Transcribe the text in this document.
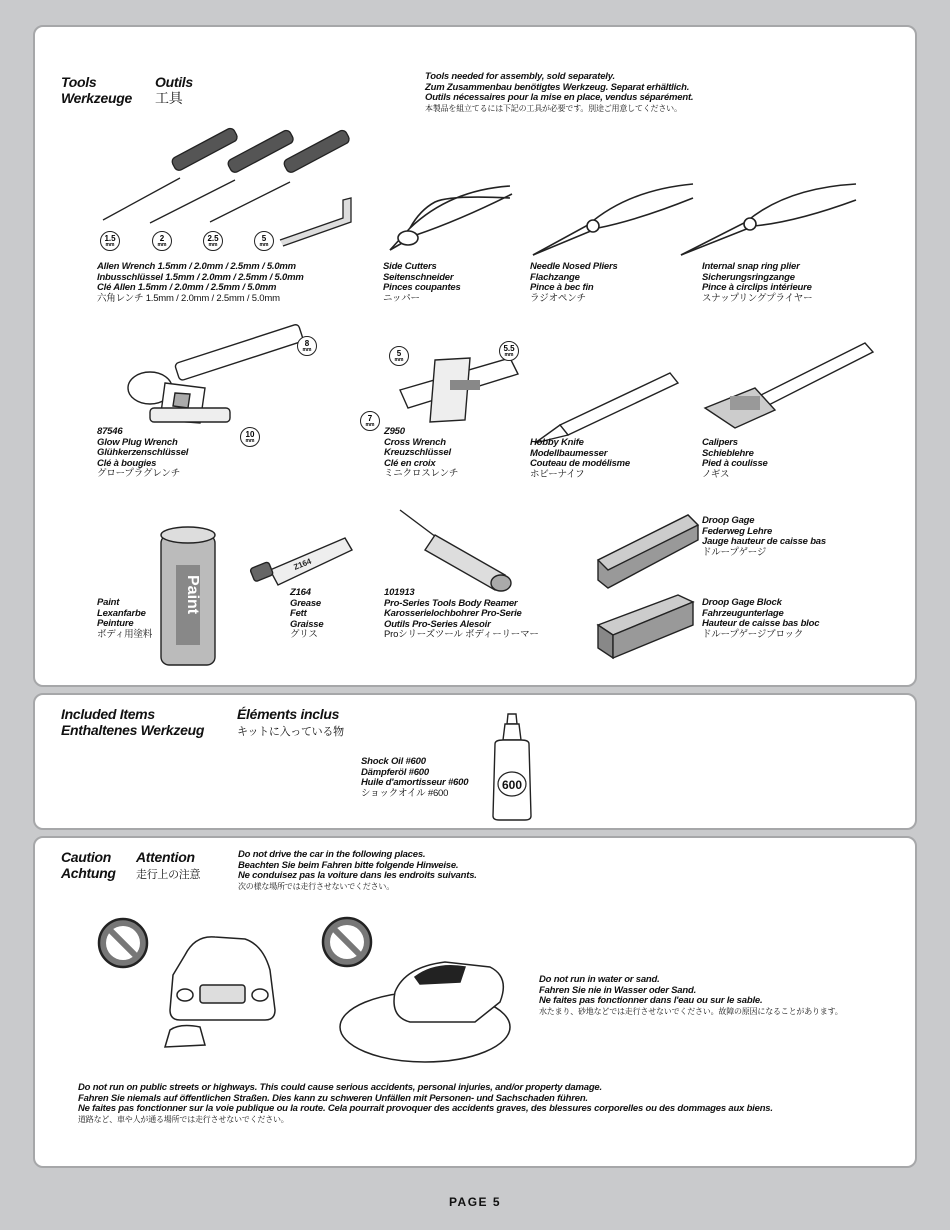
Tools	Outils
Werkzeuge 工具
Tools needed for assembly, sold separately.
Zum Zusammenbau benötigtes Werkzeug. Separat erhältlich.
Outils nécessaires pour la mise en place, vendus séparément.
本製品を組立てるには下記の工具が必要です。別途ご用意してください。
1.5
mm
2
mm
2.5
mm
5
mm
Allen Wrench 1.5mm / 2.0mm / 2.5mm / 5.0mm
Inbusschlüssel 1.5mm / 2.0mm / 2.5mm / 5.0mm
Clé Allen 1.5mm / 2.0mm / 2.5mm / 5.0mm
六角レンチ 1.5mm / 2.0mm / 2.5mm / 5.0mm
Side Cutters
Seitenschneider
Pinces coupantes
ニッパー
Needle Nosed Pliers
Flachzange
Pince à bec fin
ラジオペンチ
Internal snap ring plier
Sicherungsringzange
Pince à circlips intérieure
スナップリングプライヤー
8
mm
10
mm
87546
Glow Plug Wrench
Glühkerzenschlüssel
Clé à bougies
グロープラグレンチ
5
mm
5.5
mm
7
mm
Z950
Cross Wrench
Kreuzschlüssel
Clé en croix
ミニクロスレンチ
Hobby Knife
Modellbaumesser
Couteau de modélisme
ホビーナイフ
Calipers
Schieblehre
Pied à coulisse
ノギス
Paint
Paint
Lexanfarbe
Peinture
ボディ用塗料
Z164
Z164
Grease
Fett
Graisse
グリス
101913
Pro-Series Tools Body Reamer
Karosserielochbohrer Pro-Serie
Outils Pro-Series Alesoir
Proシリーズツール ボディーリーマー
Droop Gage
Federweg Lehre
Jauge hauteur de caisse bas
ドループゲージ
Droop Gage Block
Fahrzeugunterlage
Hauteur de caisse bas bloc
ドループゲージブロック
Included Items	Éléments inclus
Enthaltenes Werkzeug	キットに入っている物
Shock Oil #600
Dämpferöl #600
Huile d'amortisseur #600
ショックオイル #600
600
Caution Attention
Achtung 走行上の注意
Do not drive the car in the following places.
Beachten Sie beim Fahren bitte folgende Hinweise.
Ne conduisez pas la voiture dans les endroits suivants.
次の様な場所では走行させないでください。
Do not run in water or sand.
Fahren Sie nie in Wasser oder Sand.
Ne faites pas fonctionner dans l'eau ou sur le sable.
水たまり、砂地などでは走行させないでください。故障の原因になることがあります。
Do not run on public streets or highways. This could cause serious accidents, personal injuries, and/or property damage.
Fahren Sie niemals auf öffentlichen Straßen. Dies kann zu schweren Unfällen mit Personen- und Sachschaden führen.
Ne faites pas fonctionner sur la voie publique ou la route. Cela pourrait provoquer des accidents graves, des blessures corporelles ou des dommages aux biens.
道路など、車や人が通る場所では走行させないでください。
PAGE 5
